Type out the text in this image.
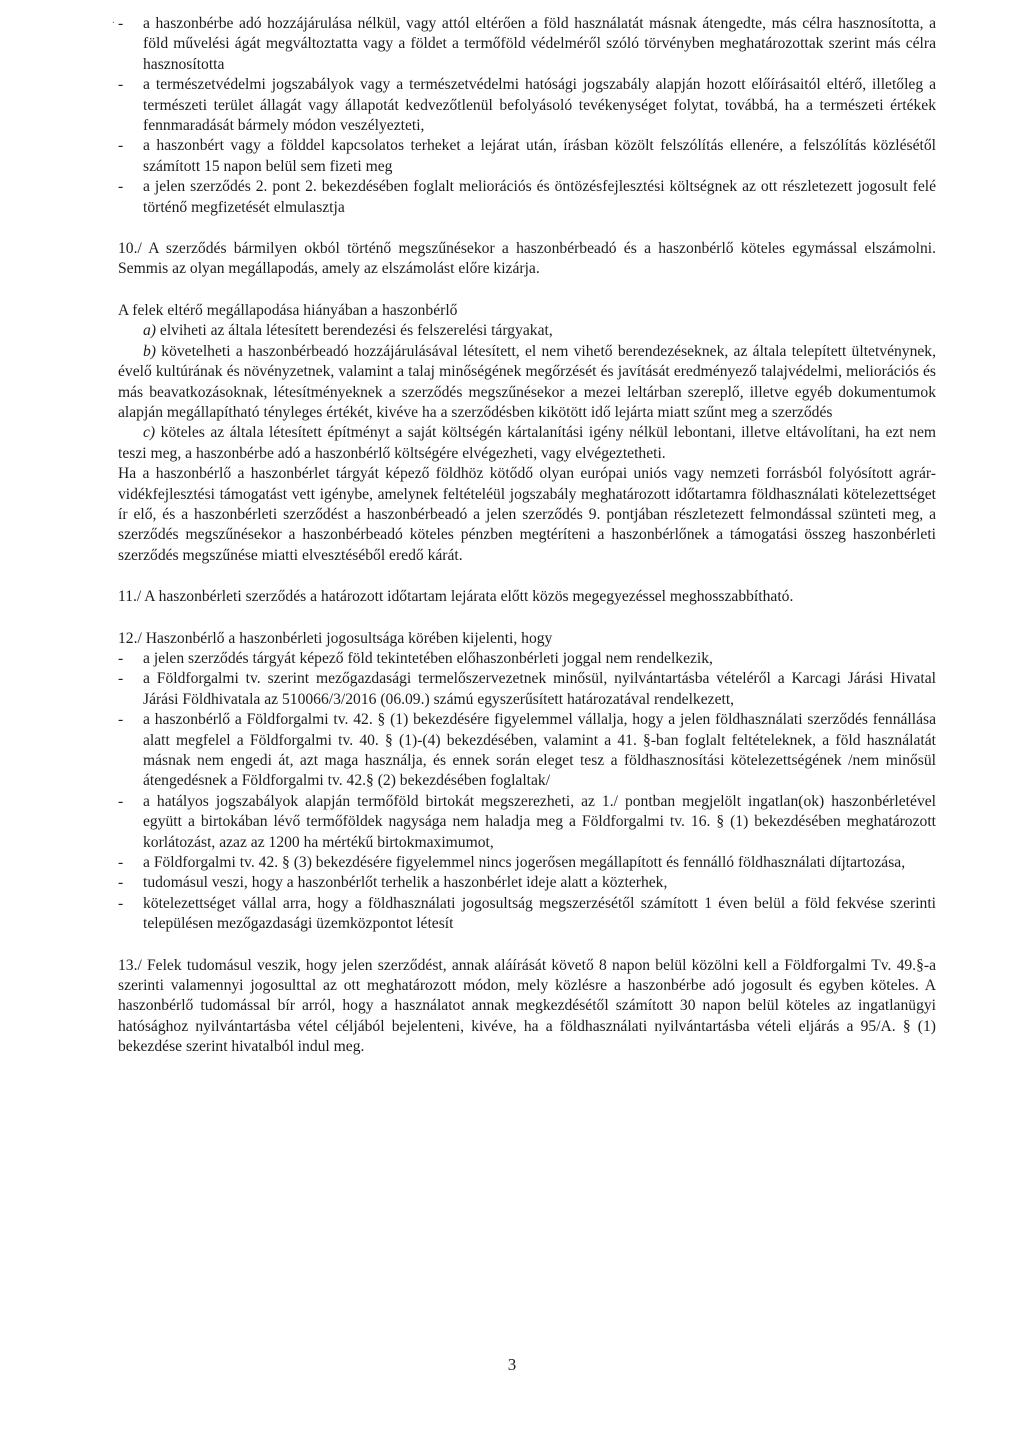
. - a haszonbérbe adó hozzájárulása nélkül, vagy attól eltérően a föld használatát másnak átengedte, más célra hasznosította, a föld művelési ágát megváltoztatta vagy a földet a termőföld védelméről szóló törvényben meghatározottak szerint más célra hasznosította

- a természetvédelmi jogszabályok vagy a természetvédelmi hatósági jogszabály alapján hozott előírásaitól eltérő, illetőleg a természeti terület állagát vagy állapotát kedvezőtlenül befolyásoló tevékenységet folytat, továbbá, ha a természeti értékek fennmaradását bármely módon veszélyezteti,

- a haszonbért vagy a földdel kapcsolatos terheket a lejárat után, írásban közölt felszólítás ellenére, a felszólítás közlésétől számított 15 napon belül sem fizeti meg

- a jelen szerződés 2. pont 2. bekezdésében foglalt meliorációs és öntözésfejlesztési költségnek az ott részletezett jogosult felé történő megfizetését elmulasztja

10./ A szerződés bármilyen okból történő megszűnésekor a haszonbérbeadó és a haszonbérlő köteles egymással elszámolni. Semmis az olyan megállapodás, amely az elszámolást előre kizárja.

A felek eltérő megállapodása hiányában a haszonbérlő

a) elviheti az általa létesített berendezési és felszerelési tárgyakat,

b) követelheti a haszonbérbeadó hozzájárulásával létesített, el nem vihető berendezéseknek, az általa telepített ültetvénynek, évelő kultúrának és növényzetnek, valamint a talaj minőségének megőrzését és javítását eredményező talajvédelmi, meliorációs és más beavatkozásoknak, létesítményeknek a szerződés megszűnésekor a mezei leltárban szereplő, illetve egyéb dokumentumok alapján megállapítható tényleges értékét, kivéve ha a szerződésben kikötött idő lejárta miatt szűnt meg a szerződés

c) köteles az általa létesített építményt a saját költségén kártalanítási igény nélkül lebontani, illetve eltávolítani, ha ezt nem teszi meg, a haszonbérbe adó a haszonbérlő költségére elvégezheti, vagy elvégeztetheti.

Ha a haszonbérlő a haszonbérlet tárgyát képező földhöz kötődő olyan európai uniós vagy nemzeti forrásból folyósított agrár-vidékfejlesztési támogatást vett igénybe, amelynek feltételéül jogszabály meghatározott időtartamra földhasználati kötelezettséget ír elő, és a haszonbérleti szerződést a haszonbérbeadó a jelen szerződés 9. pontjában részletezett felmondással szünteti meg, a szerződés megszűnésekor a haszonbérbeadó köteles pénzben megtéríteni a haszonbérlőnek a támogatási összeg haszonbérleti szerződés megszűnése miatti elvesztéséből eredő kárát.

11./ A haszonbérleti szerződés a határozott időtartam lejárata előtt közös megegyezéssel meghosszabbítható.

12./ Haszonbérlő a haszonbérleti jogosultsága körében kijelenti, hogy

- a jelen szerződés tárgyát képező föld tekintetében előhaszonbérleti joggal nem rendelkezik,

- a Földforgalmi tv. szerint mezőgazdasági termelőszervezetnek minősül, nyilvántartásba vételéről a Karcagi Járási Hivatal Járási Földhivatala az 510066/3/2016 (06.09.) számú egyszerűsített határozatával rendelkezett,

- a haszonbérlő a Földforgalmi tv. 42. § (1) bekezdésére figyelemmel vállalja, hogy a jelen földhasználati szerződés fennállása alatt megfelel a Földforgalmi tv. 40. § (1)-(4) bekezdésében, valamint a 41. §-ban foglalt feltételeknek, a föld használatát másnak nem engedi át, azt maga használja, és ennek során eleget tesz a földhasznosítási kötelezettségének /nem minősül átengedésnek a Földforgalmi tv. 42.§ (2) bekezdésében foglaltak/

- a hatályos jogszabályok alapján termőföld birtokát megszerezheti, az 1./ pontban megjelölt ingatlan(ok) haszonbérletével együtt a birtokában lévő termőföldek nagysága nem haladja meg a Földforgalmi tv. 16. § (1) bekezdésében meghatározott korlátozást, azaz az 1200 ha mértékű birtokmaximumot,

- a Földforgalmi tv. 42. § (3) bekezdésére figyelemmel nincs jogerősen megállapított és fennálló földhasználati díjtartozása,

- tudomásul veszi, hogy a haszonbérlőt terhelik a haszonbérlet ideje alatt a közterhek,

- kötelezettséget vállal arra, hogy a földhasználati jogosultság megszerzésétől számított 1 éven belül a föld fekvése szerinti településen mezőgazdasági üzemközpontot létesít

13./ Felek tudomásul veszik, hogy jelen szerződést, annak aláírását követő 8 napon belül közölni kell a Földforgalmi Tv. 49.§-a szerinti valamennyi jogosulttal az ott meghatározott módon, mely közlésre a haszonbérbe adó jogosult és egyben köteles. A haszonbérlő tudomással bír arról, hogy a használatot annak megkezdésétől számított 30 napon belül köteles az ingatlanügyi hatósághoz nyilvántartásba vétel céljából bejelenteni, kivéve, ha a földhasználati nyilvántartásba vételi eljárás a 95/A. § (1) bekezdése szerint hivatalból indul meg.

3
